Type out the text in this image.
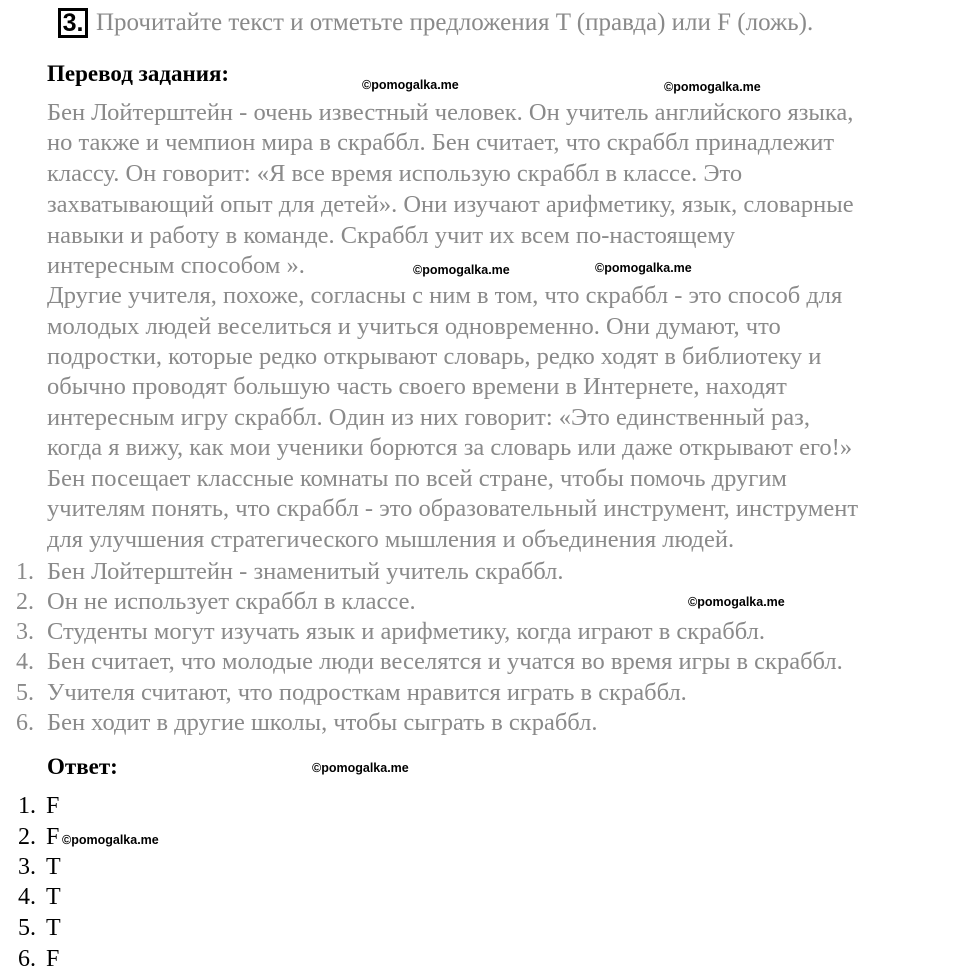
3. Прочитайте текст и отметьте предложения T (правда) или F (ложь).
Перевод задания:
Бен Лойтерштейн - очень известный человек. Он учитель английского языка,
но также и чемпион мира в скраббл. Бен считает, что скраббл принадлежит
классу. Он говорит: «Я все время использую скраббл в классе. Это
захватывающий опыт для детей». Они изучают арифметику, язык, словарные
навыки и работу в команде. Скраббл учит их всем по-настоящему
интересным способом ».
Другие учителя, похоже, согласны с ним в том, что скраббл - это способ для
молодых людей веселиться и учиться одновременно. Они думают, что
подростки, которые редко открывают словарь, редко ходят в библиотеку и
обычно проводят большую часть своего времени в Интернете, находят
интересным игру скраббл. Один из них говорит: «Это единственный раз,
когда я вижу, как мои ученики борются за словарь или даже открывают его!»
Бен посещает классные комнаты по всей стране, чтобы помочь другим
учителям понять, что скраббл - это образовательный инструмент, инструмент
для улучшения стратегического мышления и объединения людей.
1. Бен Лойтерштейн - знаменитый учитель скраббл.
2. Он не использует скраббл в классе.
3. Студенты могут изучать язык и арифметику, когда играют в скраббл.
4. Бен считает, что молодые люди веселятся и учатся во время игры в скраббл.
5. Учителя считают, что подросткам нравится играть в скраббл.
6. Бен ходит в другие школы, чтобы сыграть в скраббл.
Ответ:
1. F
2. F
3. T
4. T
5. T
6. F
©pomogalka.me	©pomogalka.me
©pomogalka.me	©pomogalka.me
©pomogalka.me
©pomogalka.me
©pomogalka.me
